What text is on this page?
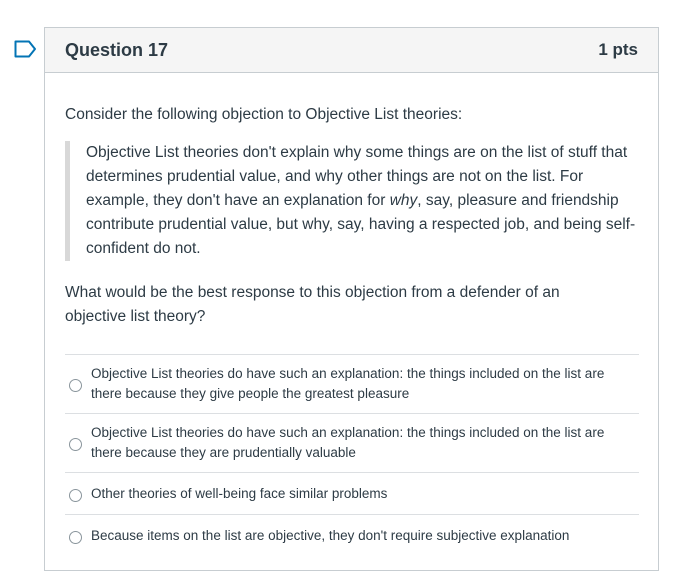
Question 17	1 pts

Consider the following objection to Objective List theories:

Objective List theories don't explain why some things are on the list of stuff that determines prudential value, and why other things are not on the list. For example, they don't have an explanation for why, say, pleasure and friendship contribute prudential value, but why, say, having a respected job, and being self-confident do not.

What would be the best response to this objection from a defender of an objective list theory?

Objective List theories do have such an explanation: the things included on the list are there because they give people the greatest pleasure
Objective List theories do have such an explanation: the things included on the list are there because they are prudentially valuable
Other theories of well-being face similar problems
Because items on the list are objective, they don't require subjective explanation
